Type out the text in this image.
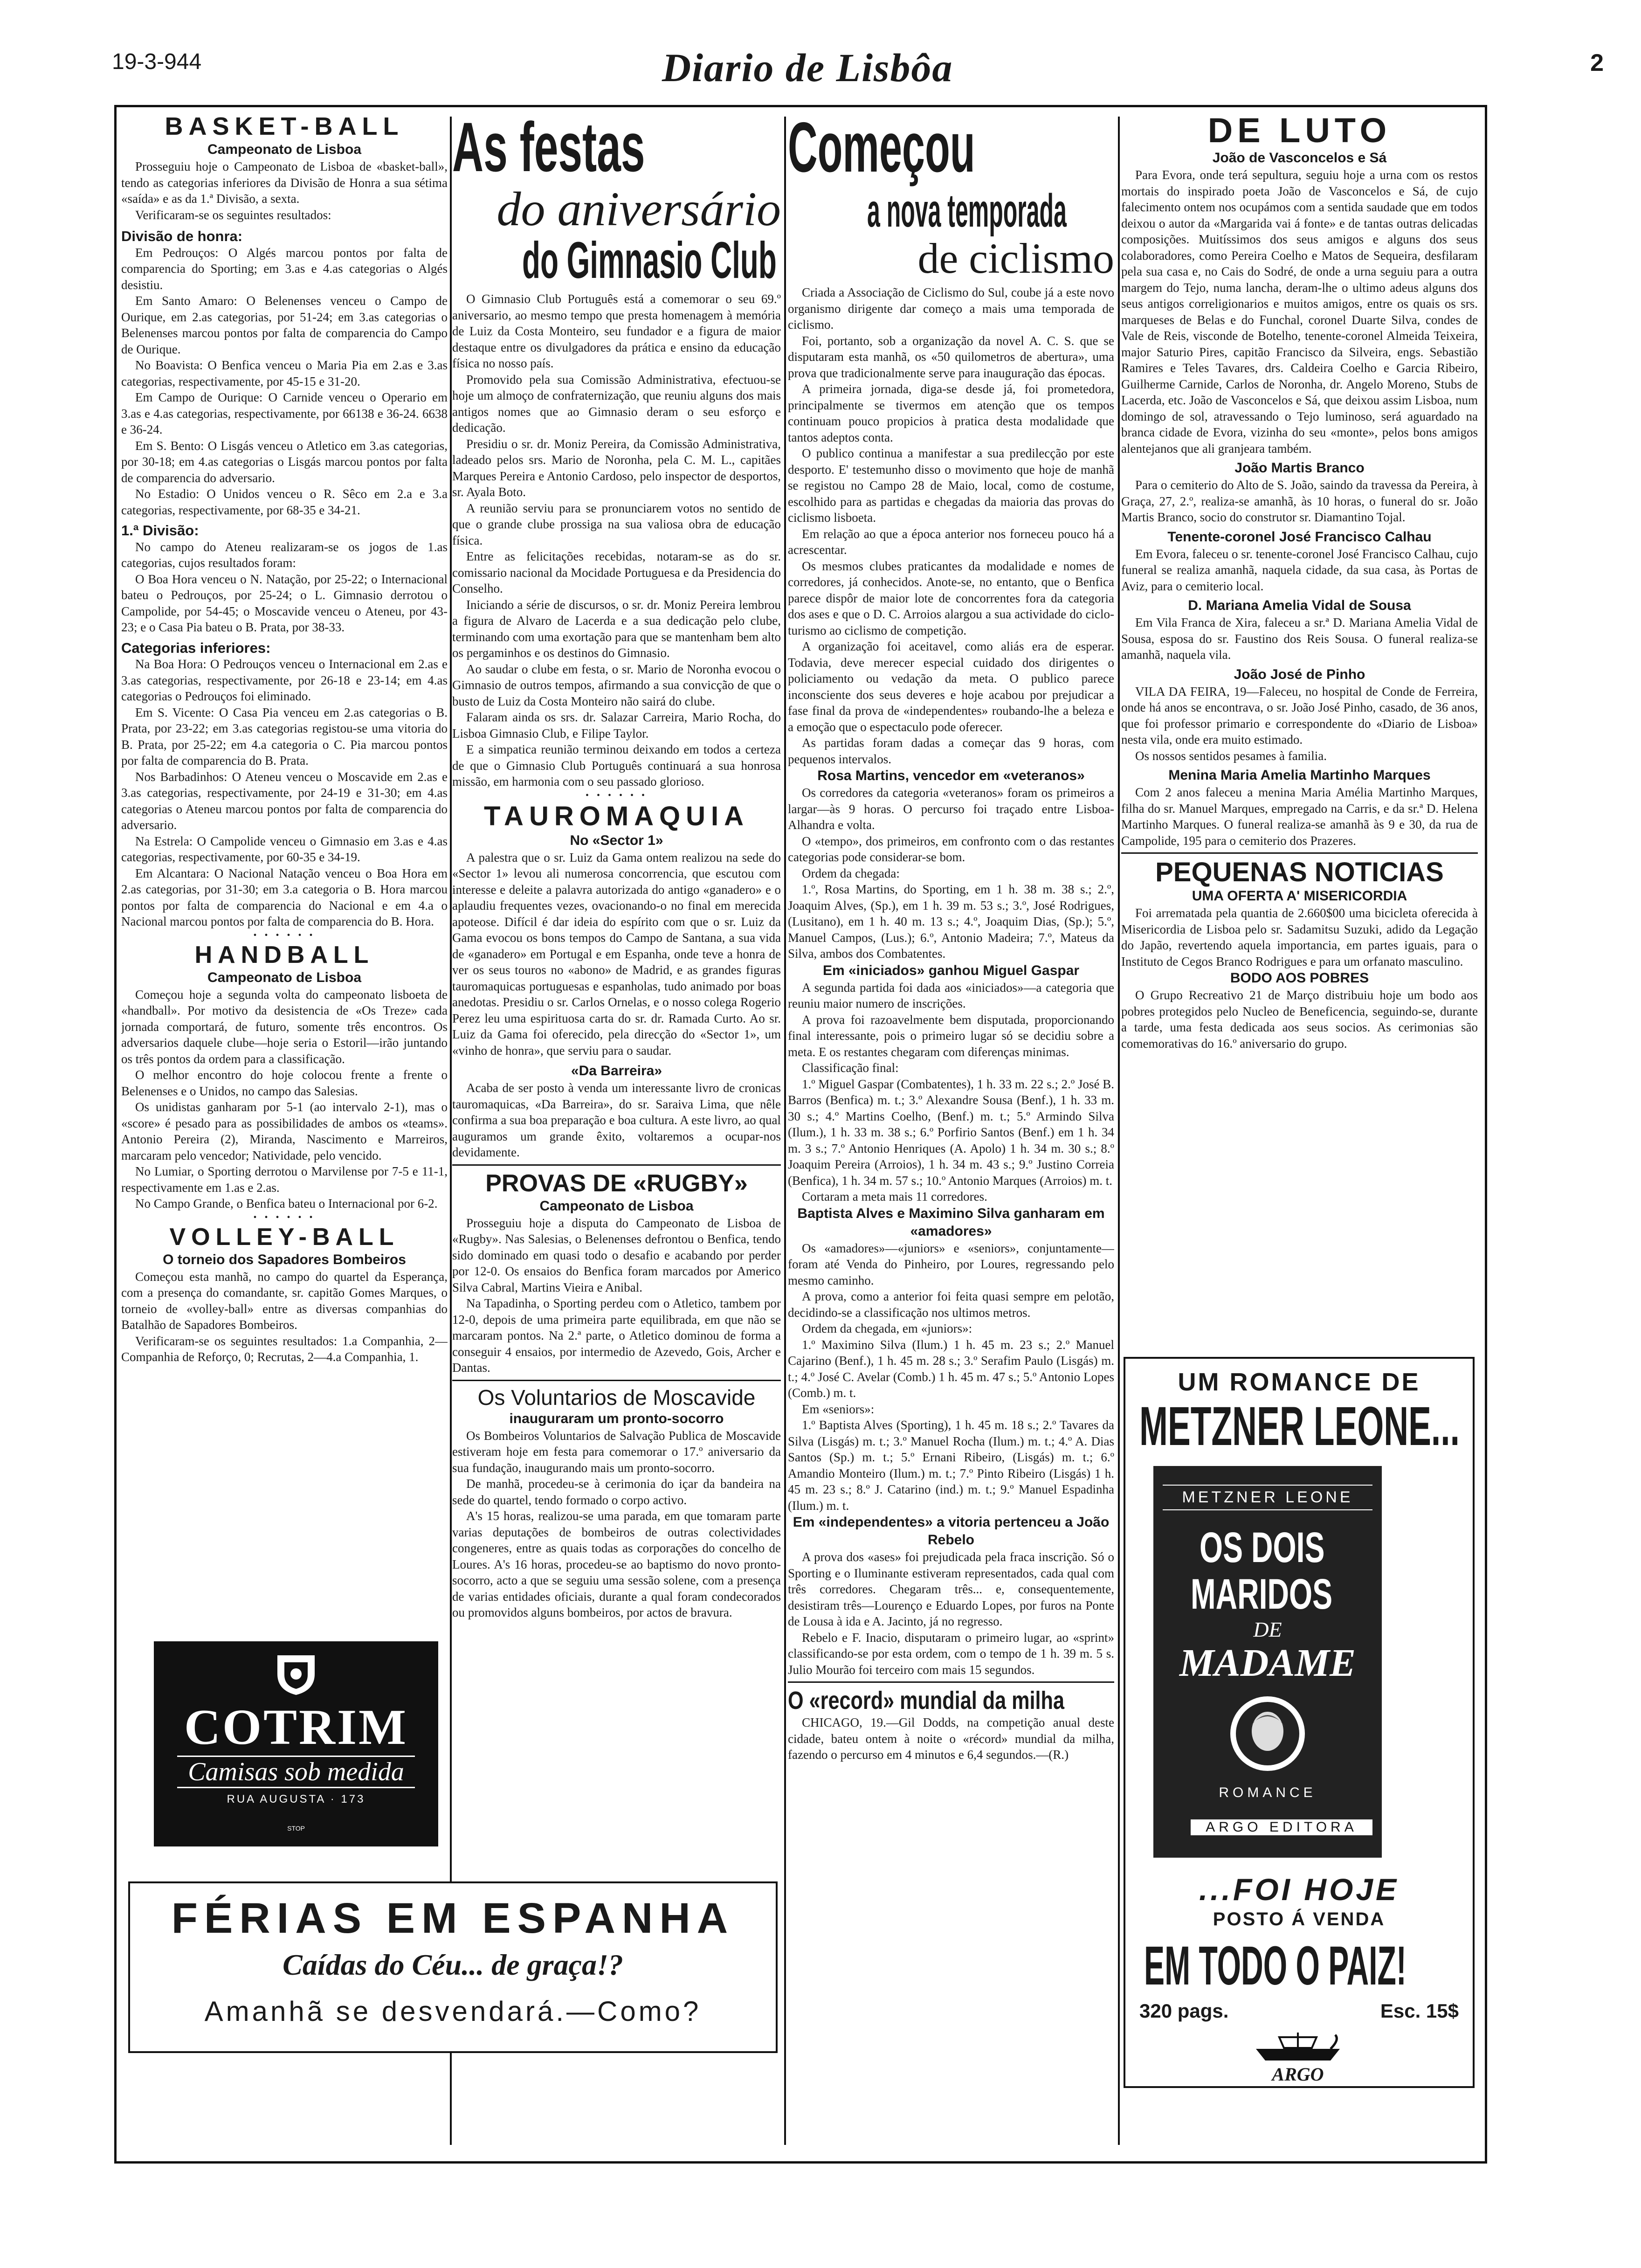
19-3-944	Diario de Lisbôa	2
BASKET-BALL
Campeonato de Lisboa

Prosseguiu hoje o Campeonato de Lisboa de «basket-ball», tendo as categorias inferiores da Divisão de Honra a sua sétima «saída» e as da 1.ª Divisão, a sexta.

Verificaram-se os seguintes resultados:

Divisão de honra:

Em Pedrouços: O Algés marcou pontos por falta de comparencia do Sporting; em 3.as e 4.as categorias o Algés desistiu.

Em Santo Amaro: O Belenenses venceu o Campo de Ourique, em 2.as categorias, por 51-24; em 3.as categorias o Belenenses marcou pontos por falta de comparencia do Campo de Ourique.

No Boavista: O Benfica venceu o Maria Pia em 2.as e 3.as categorias, respectivamente, por 45-15 e 31-20.

Em Campo de Ourique: O Carnide venceu o Operario em 3.as e 4.as categorias, respectivamente, por 66138 e 36-24. 6638 e 36-24.

Em S. Bento: O Lisgás venceu o Atletico em 3.as categorias, por 30-18; em 4.as categorias o Lisgás marcou pontos por falta de comparencia do adversario.

No Estadio: O Unidos venceu o R. Sêco em 2.a e 3.a categorias, respectivamente, por 68-35 e 34-21.

1.ª Divisão:

No campo do Ateneu realizaram-se os jogos de 1.as categorias, cujos resultados foram:

O Boa Hora venceu o N. Natação, por 25-22; o Internacional bateu o Pedrouços, por 25-24; o L. Gimnasio derrotou o Campolide, por 54-45; o Moscavide venceu o Ateneu, por 43-23; e o Casa Pia bateu o B. Prata, por 38-33.

Categorias inferiores:

Na Boa Hora: O Pedrouços venceu o Internacional em 2.as e 3.as categorias, respectivamente, por 26-18 e 23-14; em 4.as categorias o Pedrouços foi eliminado.

Em S. Vicente: O Casa Pia venceu em 2.as categorias o B. Prata, por 23-22; em 3.as categorias registou-se uma vitoria do B. Prata, por 25-22; em 4.a categoria o C. Pia marcou pontos por falta de comparencia do B. Prata.

Nos Barbadinhos: O Ateneu venceu o Moscavide em 2.as e 3.as categorias, respectivamente, por 24-19 e 31-30; em 4.as categorias o Ateneu marcou pontos por falta de comparencia do adversario.

Na Estrela: O Campolide venceu o Gimnasio em 3.as e 4.as categorias, respectivamente, por 60-35 e 34-19.

Em Alcantara: O Nacional Natação venceu o Boa Hora em 2.as categorias, por 31-30; em 3.a categoria o B. Hora marcou pontos por falta de comparencia do Nacional e em 4.a o Nacional marcou pontos por falta de comparencia do B. Hora.

• • • • • •
HANDBALL
Campeonato de Lisboa

Começou hoje a segunda volta do campeonato lisboeta de «handball». Por motivo da desistencia de «Os Treze» cada jornada comportará, de futuro, somente três encontros. Os adversarios daquele clube—hoje seria o Estoril—irão juntando os três pontos da ordem para a classificação.

O melhor encontro do hoje colocou frente a frente o Belenenses e o Unidos, no campo das Salesias.

Os unidistas ganharam por 5-1 (ao intervalo 2-1), mas o «score» é pesado para as possibilidades de ambos os «teams». Antonio Pereira (2), Miranda, Nascimento e Marreiros, marcaram pelo vencedor; Natividade, pelo vencido.

No Lumiar, o Sporting derrotou o Marvilense por 7-5 e 11-1, respectivamente em 1.as e 2.as.

No Campo Grande, o Benfica bateu o Internacional por 6-2.

• • • • • •
VOLLEY-BALL
O torneio dos Sapadores Bombeiros

Começou esta manhã, no campo do quartel da Esperança, com a presença do comandante, sr. capitão Gomes Marques, o torneio de «volley-ball» entre as diversas companhias do Batalhão de Sapadores Bombeiros.

Verificaram-se os seguintes resultados: 1.a Companhia, 2—Companhia de Reforço, 0; Recrutas, 2—4.a Companhia, 1.

COTRIM
Camisas sob medida
RUA AUGUSTA · 173
STOP
FÉRIAS EM ESPANHA
Caídas do Céu... de graça!?
Amanhã se desvendará.—Como?
As festas
do aniversário
do Gimnasio Club

O Gimnasio Club Português está a comemorar o seu 69.º aniversario, ao mesmo tempo que presta homenagem à memória de Luiz da Costa Monteiro, seu fundador e a figura de maior destaque entre os divulgadores da prática e ensino da educação física no nosso país.

Promovido pela sua Comissão Administrativa, efectuou-se hoje um almoço de confraternização, que reuniu alguns dos mais antigos nomes que ao Gimnasio deram o seu esforço e dedicação.

Presidiu o sr. dr. Moniz Pereira, da Comissão Administrativa, ladeado pelos srs. Mario de Noronha, pela C. M. L., capitães Marques Pereira e Antonio Cardoso, pelo inspector de desportos, sr. Ayala Boto.

A reunião serviu para se pronunciarem votos no sentido de que o grande clube prossiga na sua valiosa obra de educação física.

Entre as felicitações recebidas, notaram-se as do sr. comissario nacional da Mocidade Portuguesa e da Presidencia do Conselho.

Iniciando a série de discursos, o sr. dr. Moniz Pereira lembrou a figura de Alvaro de Lacerda e a sua dedicação pelo clube, terminando com uma exortação para que se mantenham bem alto os pergaminhos e os destinos do Gimnasio.

Ao saudar o clube em festa, o sr. Mario de Noronha evocou o Gimnasio de outros tempos, afirmando a sua convicção de que o busto de Luiz da Costa Monteiro não sairá do clube.

Falaram ainda os srs. dr. Salazar Carreira, Mario Rocha, do Lisboa Gimnasio Club, e Filipe Taylor.

E a simpatica reunião terminou deixando em todos a certeza de que o Gimnasio Club Português continuará a sua honrosa missão, em harmonia com o seu passado glorioso.

• • • • • •
TAUROMAQUIA
No «Sector 1»

A palestra que o sr. Luiz da Gama ontem realizou na sede do «Sector 1» levou ali numerosa concorrencia, que escutou com interesse e deleite a palavra autorizada do antigo «ganadero» e o aplaudiu frequentes vezes, ovacionando-o no final em merecida apoteose. Difícil é dar ideia do espírito com que o sr. Luiz da Gama evocou os bons tempos do Campo de Santana, a sua vida de «ganadero» em Portugal e em Espanha, onde teve a honra de ver os seus touros no «abono» de Madrid, e as grandes figuras tauromaquicas portuguesas e espanholas, tudo animado por boas anedotas. Presidiu o sr. Carlos Ornelas, e o nosso colega Rogerio Perez leu uma espirituosa carta do sr. dr. Ramada Curto. Ao sr. Luiz da Gama foi oferecido, pela direcção do «Sector 1», um «vinho de honra», que serviu para o saudar.

«Da Barreira»

Acaba de ser posto à venda um interessante livro de cronicas tauromaquicas, «Da Barreira», do sr. Saraiva Lima, que nêle confirma a sua boa preparação e boa cultura. A este livro, ao qual auguramos um grande êxito, voltaremos a ocupar-nos devidamente.

PROVAS DE «RUGBY»
Campeonato de Lisboa

Prosseguiu hoje a disputa do Campeonato de Lisboa de «Rugby». Nas Salesias, o Belenenses defrontou o Benfica, tendo sido dominado em quasi todo o desafio e acabando por perder por 12-0. Os ensaios do Benfica foram marcados por Americo Silva Cabral, Martins Vieira e Anibal.

Na Tapadinha, o Sporting perdeu com o Atletico, tambem por 12-0, depois de uma primeira parte equilibrada, em que não se marcaram pontos. Na 2.ª parte, o Atletico dominou de forma a conseguir 4 ensaios, por intermedio de Azevedo, Gois, Archer e Dantas.

Os Voluntarios de Moscavide
inauguraram um pronto-socorro

Os Bombeiros Voluntarios de Salvação Publica de Moscavide estiveram hoje em festa para comemorar o 17.º aniversario da sua fundação, inaugurando mais um pronto-socorro.

De manhã, procedeu-se à cerimonia do içar da bandeira na sede do quartel, tendo formado o corpo activo.

A's 15 horas, realizou-se uma parada, em que tomaram parte varias deputações de bombeiros de outras colectividades congeneres, entre as quais todas as corporações do concelho de Loures. A's 16 horas, procedeu-se ao baptismo do novo pronto-socorro, acto a que se seguiu uma sessão solene, com a presença de varias entidades oficiais, durante a qual foram condecorados ou promovidos alguns bombeiros, por actos de bravura.

Começou
a nova temporada
de ciclismo

Criada a Associação de Ciclismo do Sul, coube já a este novo organismo dirigente dar começo a mais uma temporada de ciclismo.

Foi, portanto, sob a organização da novel A. C. S. que se disputaram esta manhã, os «50 quilometros de abertura», uma prova que tradicionalmente serve para inauguração das épocas.

A primeira jornada, diga-se desde já, foi prometedora, principalmente se tivermos em atenção que os tempos continuam pouco propicios à pratica desta modalidade que tantos adeptos conta.

O publico continua a manifestar a sua predilecção por este desporto. E' testemunho disso o movimento que hoje de manhã se registou no Campo 28 de Maio, local, como de costume, escolhido para as partidas e chegadas da maioria das provas do ciclismo lisboeta.

Em relação ao que a época anterior nos forneceu pouco há a acrescentar.

Os mesmos clubes praticantes da modalidade e nomes de corredores, já conhecidos. Anote-se, no entanto, que o Benfica parece dispôr de maior lote de concorrentes fora da categoria dos ases e que o D. C. Arroios alargou a sua actividade do ciclo-turismo ao ciclismo de competição.

A organização foi aceitavel, como aliás era de esperar. Todavia, deve merecer especial cuidado dos dirigentes o policiamento ou vedação da meta. O publico parece inconsciente dos seus deveres e hoje acabou por prejudicar a fase final da prova de «independentes» roubando-lhe a beleza e a emoção que o espectaculo pode oferecer.

As partidas foram dadas a começar das 9 horas, com pequenos intervalos.

Rosa Martins, vencedor em «veteranos»

Os corredores da categoria «veteranos» foram os primeiros a largar—às 9 horas. O percurso foi traçado entre Lisboa-Alhandra e volta.

O «tempo», dos primeiros, em confronto com o das restantes categorias pode considerar-se bom.

Ordem da chegada:

1.º, Rosa Martins, do Sporting, em 1 h. 38 m. 38 s.; 2.º, Joaquim Alves, (Sp.), em 1 h. 39 m. 53 s.; 3.º, José Rodrigues, (Lusitano), em 1 h. 40 m. 13 s.; 4.º, Joaquim Dias, (Sp.); 5.º, Manuel Campos, (Lus.); 6.º, Antonio Madeira; 7.º, Mateus da Silva, ambos dos Combatentes.

Em «iniciados» ganhou Miguel Gaspar

A segunda partida foi dada aos «iniciados»—a categoria que reuniu maior numero de inscrições.

A prova foi razoavelmente bem disputada, proporcionando final interessante, pois o primeiro lugar só se decidiu sobre a meta. E os restantes chegaram com diferenças minimas.

Classificação final:

1.º Miguel Gaspar (Combatentes), 1 h. 33 m. 22 s.; 2.º José B. Barros (Benfica) m. t.; 3.º Alexandre Sousa (Benf.), 1 h. 33 m. 30 s.; 4.º Martins Coelho, (Benf.) m. t.; 5.º Armindo Silva (Ilum.), 1 h. 33 m. 38 s.; 6.º Porfirio Santos (Benf.) em 1 h. 34 m. 3 s.; 7.º Antonio Henriques (A. Apolo) 1 h. 34 m. 30 s.; 8.º Joaquim Pereira (Arroios), 1 h. 34 m. 43 s.; 9.º Justino Correia (Benfica), 1 h. 34 m. 57 s.; 10.º Antonio Marques (Arroios) m. t.

Cortaram a meta mais 11 corredores.

Baptista Alves e Maximino Silva ganharam em «amadores»

Os «amadores»—«juniors» e «seniors», conjuntamente—foram até Venda do Pinheiro, por Loures, regressando pelo mesmo caminho.

A prova, como a anterior foi feita quasi sempre em pelotão, decidindo-se a classificação nos ultimos metros.

Ordem da chegada, em «juniors»:

1.º Maximino Silva (Ilum.) 1 h. 45 m. 23 s.; 2.º Manuel Cajarino (Benf.), 1 h. 45 m. 28 s.; 3.º Serafim Paulo (Lisgás) m. t.; 4.º José C. Avelar (Comb.) 1 h. 45 m. 47 s.; 5.º Antonio Lopes (Comb.) m. t.

Em «seniors»:

1.º Baptista Alves (Sporting), 1 h. 45 m. 18 s.; 2.º Tavares da Silva (Lisgás) m. t.; 3.º Manuel Rocha (Ilum.) m. t.; 4.º A. Dias Santos (Sp.) m. t.; 5.º Ernani Ribeiro, (Lisgás) m. t.; 6.º Amandio Monteiro (Ilum.) m. t.; 7.º Pinto Ribeiro (Lisgás) 1 h. 45 m. 23 s.; 8.º J. Catarino (ind.) m. t.; 9.º Manuel Espadinha (Ilum.) m. t.

Em «independentes» a vitoria pertenceu a João Rebelo

A prova dos «ases» foi prejudicada pela fraca inscrição. Só o Sporting e o Iluminante estiveram representados, cada qual com três corredores. Chegaram três... e, consequentemente, desistiram três—Lourenço e Eduardo Lopes, por furos na Ponte de Lousa à ida e A. Jacinto, já no regresso.

Rebelo e F. Inacio, disputaram o primeiro lugar, ao «sprint» classificando-se por esta ordem, com o tempo de 1 h. 39 m. 5 s. Julio Mourão foi terceiro com mais 15 segundos.

O «record» mundial da milha

CHICAGO, 19.—Gil Dodds, na competição anual deste cidade, bateu ontem à noite o «récord» mundial da milha, fazendo o percurso em 4 minutos e 6,4 segundos.—(R.)

DE LUTO
João de Vasconcelos e Sá

Para Evora, onde terá sepultura, seguiu hoje a urna com os restos mortais do inspirado poeta João de Vasconcelos e Sá, de cujo falecimento ontem nos ocupámos com a sentida saudade que em todos deixou o autor da «Margarida vai á fonte» e de tantas outras delicadas composições. Muitíssimos dos seus amigos e alguns dos seus colaboradores, como Pereira Coelho e Matos de Sequeira, desfilaram pela sua casa e, no Cais do Sodré, de onde a urna seguiu para a outra margem do Tejo, numa lancha, deram-lhe o ultimo adeus alguns dos seus antigos correligionarios e muitos amigos, entre os quais os srs. marqueses de Belas e do Funchal, coronel Duarte Silva, condes de Vale de Reis, visconde de Botelho, tenente-coronel Almeida Teixeira, major Saturio Pires, capitão Francisco da Silveira, engs. Sebastião Ramires e Teles Tavares, drs. Caldeira Coelho e Garcia Ribeiro, Guilherme Carnide, Carlos de Noronha, dr. Angelo Moreno, Stubs de Lacerda, etc. João de Vasconcelos e Sá, que deixou assim Lisboa, num domingo de sol, atravessando o Tejo luminoso, será aguardado na branca cidade de Evora, vizinha do seu «monte», pelos bons amigos alentejanos que ali granjeara também.

João Martis Branco

Para o cemiterio do Alto de S. João, saindo da travessa da Pereira, à Graça, 27, 2.º, realiza-se amanhã, às 10 horas, o funeral do sr. João Martis Branco, socio do construtor sr. Diamantino Tojal.

Tenente-coronel José Francisco Calhau

Em Evora, faleceu o sr. tenente-coronel José Francisco Calhau, cujo funeral se realiza amanhã, naquela cidade, da sua casa, às Portas de Aviz, para o cemiterio local.

D. Mariana Amelia Vidal de Sousa

Em Vila Franca de Xira, faleceu a sr.ª D. Mariana Amelia Vidal de Sousa, esposa do sr. Faustino dos Reis Sousa. O funeral realiza-se amanhã, naquela vila.

João José de Pinho

VILA DA FEIRA, 19—Faleceu, no hospital de Conde de Ferreira, onde há anos se encontrava, o sr. João José Pinho, casado, de 36 anos, que foi professor primario e correspondente do «Diario de Lisboa» nesta vila, onde era muito estimado.

Os nossos sentidos pesames à familia.

Menina Maria Amelia Martinho Marques

Com 2 anos faleceu a menina Maria Amélia Martinho Marques, filha do sr. Manuel Marques, empregado na Carris, e da sr.ª D. Helena Martinho Marques. O funeral realiza-se amanhã às 9 e 30, da rua de Campolide, 195 para o cemiterio dos Prazeres.

PEQUENAS NOTICIAS
UMA OFERTA A' MISERICORDIA

Foi arrematada pela quantia de 2.660$00 uma bicicleta oferecida à Misericordia de Lisboa pelo sr. Sadamitsu Suzuki, adido da Legação do Japão, revertendo aquela importancia, em partes iguais, para o Instituto de Cegos Branco Rodrigues e para um orfanato masculino.

BODO AOS POBRES

O Grupo Recreativo 21 de Março distribuiu hoje um bodo aos pobres protegidos pelo Nucleo de Beneficencia, seguindo-se, durante a tarde, uma festa dedicada aos seus socios. As cerimonias são comemorativas do 16.º aniversario do grupo.

UM ROMANCE DE
METZNER LEONE...
METZNER LEONE
OS DOIS
MARIDOS
DE
MADAME
ROMANCE
ARGO EDITORA
...FOI HOJE
POSTO Á VENDA
EM TODO O PAIZ!
320 pags.	Esc. 15$
ARGO
